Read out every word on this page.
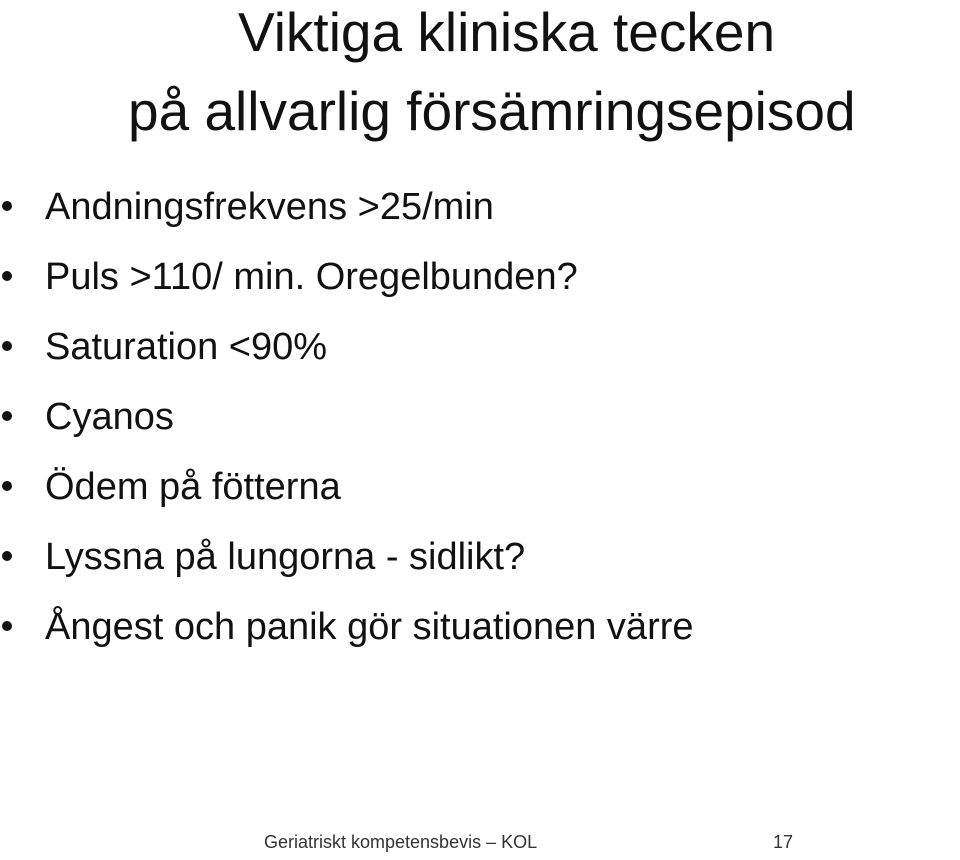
Viktiga kliniska tecken
på allvarlig försämringsepisod
Andningsfrekvens >25/min
Puls >110/ min. Oregelbunden?
Saturation <90%
Cyanos
Ödem på fötterna
Lyssna på lungorna - sidlikt?
Ångest och panik gör situationen värre
Geriatriskt kompetensbevis – KOL	17
